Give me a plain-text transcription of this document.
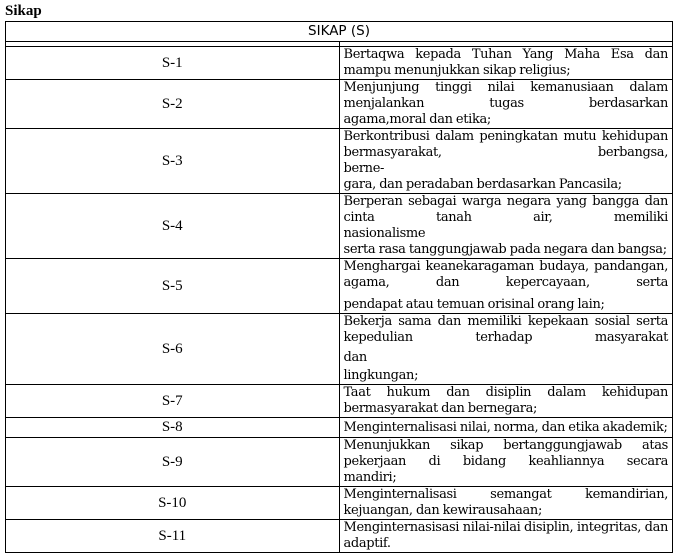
Sikap
SIKAP (S)	

S-1	Bertaqwa kepada Tuhan Yang Maha Esa dan mampu menunjukkan sikap religius;

S-2	Menjunjung tinggi nilai kemanusiaan dalam menjalankan tugas berdasarkan
agama,moral dan etika;

S-3	Berkontribusi dalam peningkatan mutu kehidupan bermasyarakat, berbangsa,
berne-
gara, dan peradaban berdasarkan Pancasila;

S-4	Berperan sebagai warga negara yang bangga dan cinta tanah air, memiliki
nasionalisme
serta rasa tanggungjawab pada negara dan bangsa;

S-5	Menghargai keanekaragaman budaya, pandangan, agama, dan kepercayaan, serta
pendapat atau temuan orisinal orang lain;

S-6	Bekerja sama dan memiliki kepekaan sosial serta kepedulian terhadap masyarakat
dan
lingkungan;

S-7	Taat hukum dan disiplin dalam kehidupan bermasyarakat dan bernegara;

S-8	Menginternalisasi nilai, norma, dan etika akademik;

S-9	Menunjukkan sikap bertanggungjawab atas pekerjaan di bidang keahliannya secara
mandiri;

S-10	Menginternalisasi semangat kemandirian, kejuangan, dan kewirausahaan;

S-11	Menginternasisasi nilai-nilai disiplin, integritas, dan adaptif.
